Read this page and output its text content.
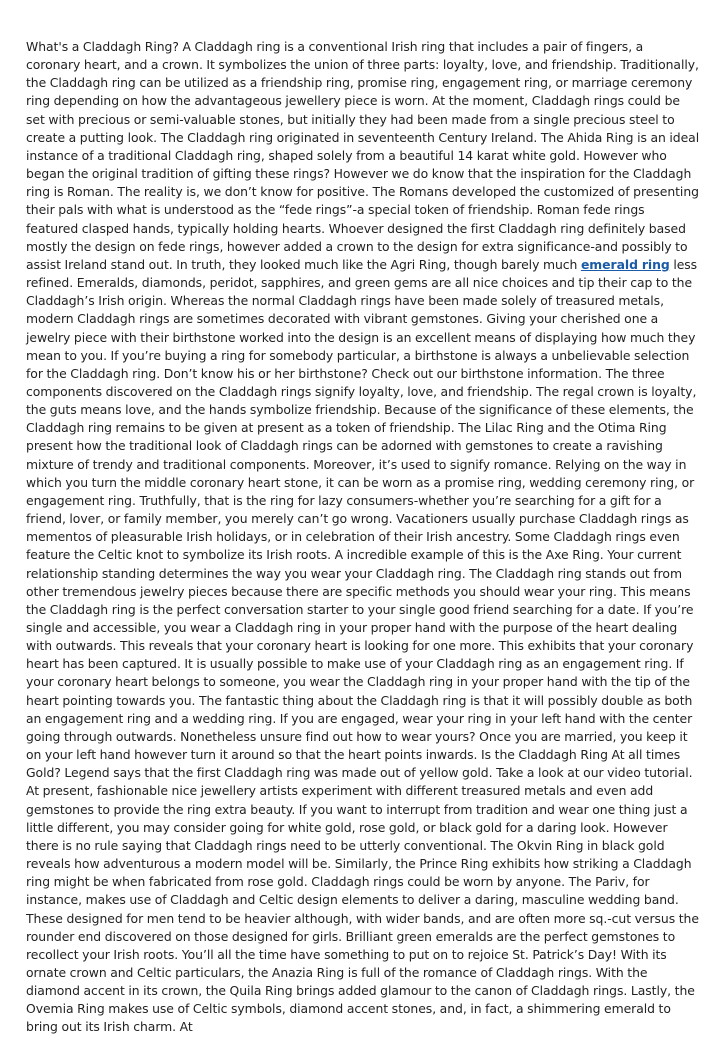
What's a Claddagh Ring? A Claddagh ring is a conventional Irish ring that includes a pair of fingers, a coronary heart, and a crown. It symbolizes the union of three parts: loyalty, love, and friendship. Traditionally, the Claddagh ring can be utilized as a friendship ring, promise ring, engagement ring, or marriage ceremony ring depending on how the advantageous jewellery piece is worn. At the moment, Claddagh rings could be set with precious or semi-valuable stones, but initially they had been made from a single precious steel to create a putting look. The Claddagh ring originated in seventeenth Century Ireland. The Ahida Ring is an ideal instance of a traditional Claddagh ring, shaped solely from a beautiful 14 karat white gold. However who began the original tradition of gifting these rings? However we do know that the inspiration for the Claddagh ring is Roman. The reality is, we don’t know for positive. The Romans developed the customized of presenting their pals with what is understood as the “fede rings”-a special token of friendship. Roman fede rings featured clasped hands, typically holding hearts. Whoever designed the first Claddagh ring definitely based mostly the design on fede rings, however added a crown to the design for extra significance-and possibly to assist Ireland stand out. In truth, they looked much like the Agri Ring, though barely much emerald ring less refined. Emeralds, diamonds, peridot, sapphires, and green gems are all nice choices and tip their cap to the Claddagh’s Irish origin. Whereas the normal Claddagh rings have been made solely of treasured metals, modern Claddagh rings are sometimes decorated with vibrant gemstones. Giving your cherished one a jewelry piece with their birthstone worked into the design is an excellent means of displaying how much they mean to you. If you’re buying a ring for somebody particular, a birthstone is always a unbelievable selection for the Claddagh ring. Don’t know his or her birthstone? Check out our birthstone information. The three components discovered on the Claddagh rings signify loyalty, love, and friendship. The regal crown is loyalty, the guts means love, and the hands symbolize friendship. Because of the significance of these elements, the Claddagh ring remains to be given at present as a token of friendship. The Lilac Ring and the Otima Ring present how the traditional look of Claddagh rings can be adorned with gemstones to create a ravishing mixture of trendy and traditional components. Moreover, it’s used to signify romance. Relying on the way in which you turn the middle coronary heart stone, it can be worn as a promise ring, wedding ceremony ring, or engagement ring. Truthfully, that is the ring for lazy consumers-whether you’re searching for a gift for a friend, lover, or family member, you merely can’t go wrong. Vacationers usually purchase Claddagh rings as mementos of pleasurable Irish holidays, or in celebration of their Irish ancestry. Some Claddagh rings even feature the Celtic knot to symbolize its Irish roots. A incredible example of this is the Axe Ring. Your current relationship standing determines the way you wear your Claddagh ring. The Claddagh ring stands out from other tremendous jewelry pieces because there are specific methods you should wear your ring. This means the Claddagh ring is the perfect conversation starter to your single good friend searching for a date. If you’re single and accessible, you wear a Claddagh ring in your proper hand with the purpose of the heart dealing with outwards. This reveals that your coronary heart is looking for one more. This exhibits that your coronary heart has been captured. It is usually possible to make use of your Claddagh ring as an engagement ring. If your coronary heart belongs to someone, you wear the Claddagh ring in your proper hand with the tip of the heart pointing towards you. The fantastic thing about the Claddagh ring is that it will possibly double as both an engagement ring and a wedding ring. If you are engaged, wear your ring in your left hand with the center going through outwards. Nonetheless unsure find out how to wear yours? Once you are married, you keep it on your left hand however turn it around so that the heart points inwards. Is the Claddagh Ring At all times Gold? Legend says that the first Claddagh ring was made out of yellow gold. Take a look at our video tutorial. At present, fashionable nice jewellery artists experiment with different treasured metals and even add gemstones to provide the ring extra beauty. If you want to interrupt from tradition and wear one thing just a little different, you may consider going for white gold, rose gold, or black gold for a daring look. However there is no rule saying that Claddagh rings need to be utterly conventional. The Okvin Ring in black gold reveals how adventurous a modern model will be. Similarly, the Prince Ring exhibits how striking a Claddagh ring might be when fabricated from rose gold. Claddagh rings could be worn by anyone. The Pariv, for instance, makes use of Claddagh and Celtic design elements to deliver a daring, masculine wedding band. These designed for men tend to be heavier although, with wider bands, and are often more sq.-cut versus the rounder end discovered on those designed for girls. Brilliant green emeralds are the perfect gemstones to recollect your Irish roots. You’ll all the time have something to put on to rejoice St. Patrick’s Day! With its ornate crown and Celtic particulars, the Anazia Ring is full of the romance of Claddagh rings. With the diamond accent in its crown, the Quila Ring brings added glamour to the canon of Claddagh rings. Lastly, the Ovemia Ring makes use of Celtic symbols, diamond accent stones, and, in fact, a shimmering emerald to bring out its Irish charm. At
